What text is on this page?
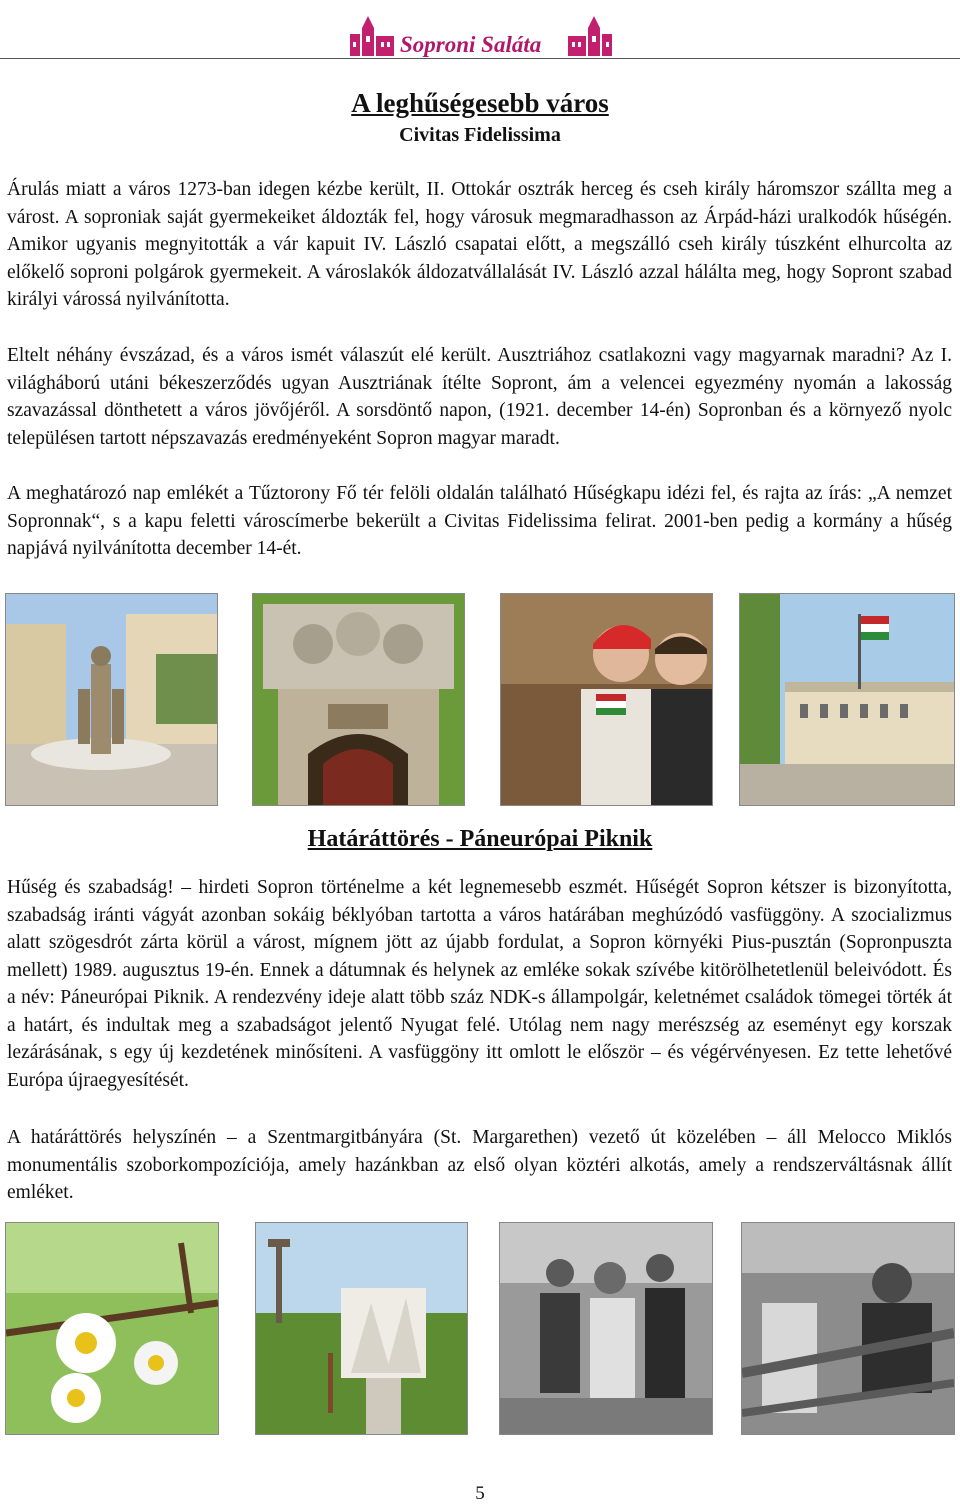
Soproni Saláta
A leghűségesebb város
Civitas Fidelissima

Árulás miatt a város 1273-ban idegen kézbe került, II. Ottokár osztrák herceg és cseh király háromszor szállta meg a várost. A soproniak saját gyermekeiket áldozták fel, hogy városuk megmaradhasson az Árpád-házi uralkodók hűségén. Amikor ugyanis megnyitották a vár kapuit IV. László csapatai előtt, a megszálló cseh király túszként elhurcolta az előkelő soproni polgárok gyermekeit. A városlakók áldozatvállalását IV. László azzal hálálta meg, hogy Sopront szabad királyi várossá nyilvánította.

Eltelt néhány évszázad, és a város ismét válaszút elé került. Ausztriához csatlakozni vagy magyarnak maradni? Az I. világháború utáni békeszerződés ugyan Ausztriának ítélte Sopront, ám a velencei egyezmény nyomán a lakosság szavazással dönthetett a város jövőjéről. A sorsdöntő napon, (1921. december 14-én) Sopronban és a környező nyolc településen tartott népszavazás eredményeként Sopron magyar maradt.

A meghatározó nap emlékét a Tűztorony Fő tér felöli oldalán található Hűségkapu idézi fel, és rajta az írás: „A nemzet Sopronnak“, s a kapu feletti városcímerbe bekerült a Civitas Fidelissima felirat. 2001-ben pedig a kormány a hűség napjává nyilvánította december 14-ét.

Határáttörés - Páneurópai Piknik

Hűség és szabadság! – hirdeti Sopron történelme a két legnemesebb eszmét. Hűségét Sopron kétszer is bizonyította, szabadság iránti vágyát azonban sokáig béklyóban tartotta a város határában meghúzódó vasfüggöny. A szocializmus alatt szögesdrót zárta körül a várost, mígnem jött az újabb fordulat, a Sopron környéki Pius-pusztán (Sopronpuszta mellett) 1989. augusztus 19-én. Ennek a dátumnak és helynek az emléke sokak szívébe kitörölhetetlenül beleivódott. És a név: Páneurópai Piknik. A rendezvény ideje alatt több száz NDK-s állampolgár, keletnémet családok tömegei törték át a határt, és indultak meg a szabadságot jelentő Nyugat felé. Utólag nem nagy merészség az eseményt egy korszak lezárásának, s egy új kezdetének minősíteni. A vasfüggöny itt omlott le először – és végérvényesen. Ez tette lehetővé Európa újraegyesítését.

A határáttörés helyszínén – a Szentmargitbányára (St. Margarethen) vezető út közelében – áll Melocco Miklós monumentális szoborkompozíciója, amely hazánkban az első olyan köztéri alkotás, amely a rendszerváltásnak állít emléket.

5
